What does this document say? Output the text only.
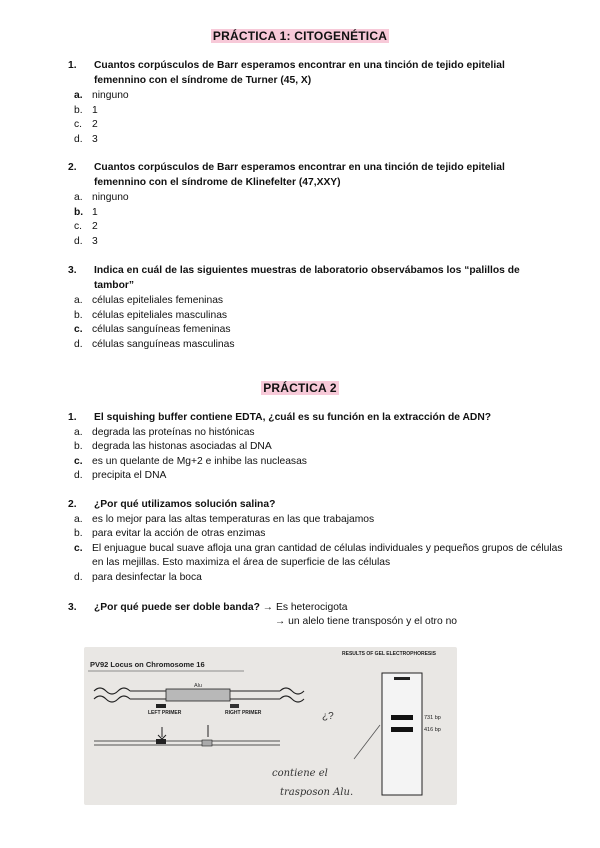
PRÁCTICA 1: CITOGENÉTICA
1. Cuantos corpúsculos de Barr esperamos encontrar en una tinción de tejido epitelial femennino con el síndrome de Turner (45, X)
a. ninguno
b. 1
c. 2
d. 3
2. Cuantos corpúsculos de Barr esperamos encontrar en una tinción de tejido epitelial femennino con el síndrome de Klinefelter (47,XXY)
a. ninguno
b. 1
c. 2
d. 3
3. Indica en cuál de las siguientes muestras de laboratorio observábamos los “palillos de tambor”
a. células epiteliales femeninas
b. células epiteliales masculinas
c. células sanguíneas femeninas
d. células sanguíneas masculinas
PRÁCTICA 2
1. El squishing buffer contiene EDTA, ¿cuál es su función en la extracción de ADN?
a. degrada las proteínas no histónicas
b. degrada las histonas asociadas al DNA
c. es un quelante de Mg+2 e inhibe las nucleasas
d. precipita el DNA
2. ¿Por qué utilizamos solución salina?
a. es lo mejor para las altas temperaturas en las que trabajamos
b. para evitar la acción de otras enzimas
c. El enjuague bucal suave afloja una gran cantidad de células individuales y pequeños grupos de células en las mejillas. Esto maximiza el área de superficie de las células
d. para desinfectar la boca
3. ¿Por qué puede ser doble banda? → Es heterocigota
→ un alelo tiene transposón y el otro no
PV92 Locus on Chromosome 16
Alu
LEFT PRIMER	RIGHT PRIMER	¿?
RESULTS OF GEL ELECTROPHORESIS
731 bp
416 bp
contiene el
trasposon Alu.
